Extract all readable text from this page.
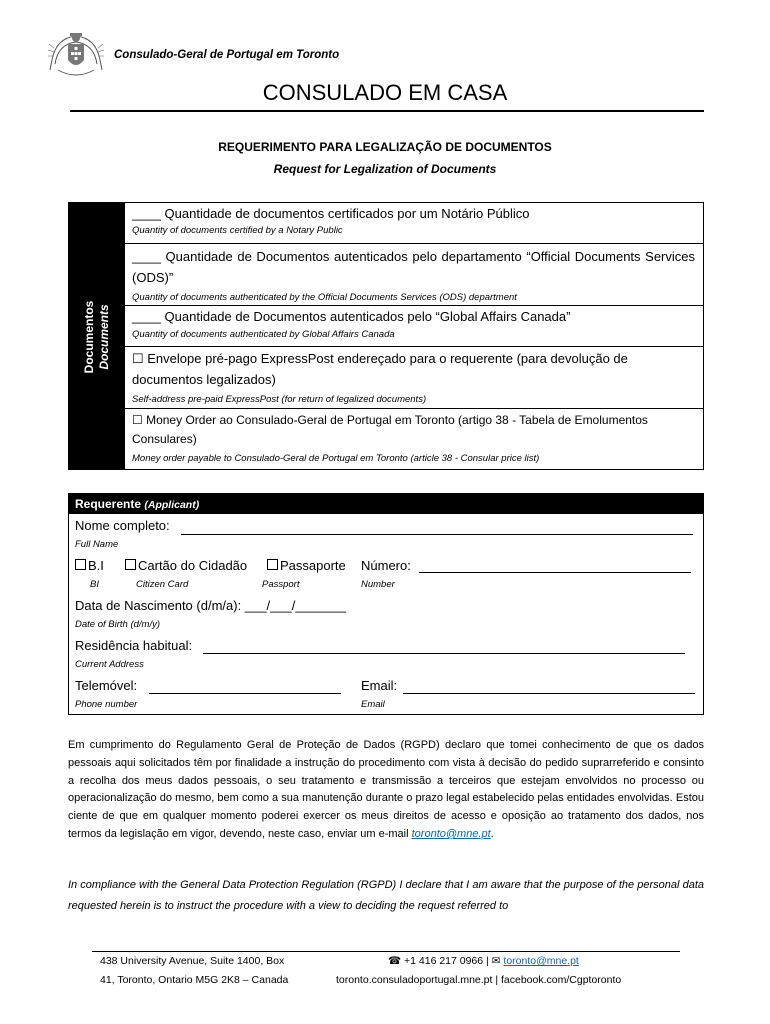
Consulado-Geral de Portugal em Toronto
CONSULADO EM CASA
REQUERIMENTO PARA LEGALIZAÇÃO DE DOCUMENTOS
Request for Legalization of Documents
Documentos Documents
____ Quantidade de documentos certificados por um Notário Público
Quantity of documents certified by a Notary Public
____ Quantidade de Documentos autenticados pelo departamento “Official Documents Services (ODS)”
Quantity of documents authenticated by the Official Documents Services (ODS) department
____ Quantidade de Documentos autenticados pelo “Global Affairs Canada”
Quantity of documents authenticated by Global Affairs Canada
☐ Envelope pré-pago ExpressPost endereçado para o requerente (para devolução de documentos legalizados)
Self-address pre-paid ExpressPost (for return of legalized documents)
☐ Money Order ao Consulado-Geral de Portugal em Toronto (artigo 38 - Tabela de Emolumentos Consulares)
Money order payable to Consulado-Geral de Portugal em Toronto (article 38 - Consular price list)
Requerente (Applicant)
Nome completo:
Full Name
B.I	Cartão do Cidadão	Passaporte Número:
BI	Citizen Card	Passport	Number
Data de Nascimento (d/m/a): ___/___/_______
Date of Birth (d/m/y)
Residência habitual:
Current Address
Telemóvel:
Phone number
Email:
Email
Em cumprimento do Regulamento Geral de Proteção de Dados (RGPD) declaro que tomei conhecimento de que os dados pessoais aqui solicitados têm por finalidade a instrução do procedimento com vista à decisão do pedido suprarreferido e consinto a recolha dos meus dados pessoais, o seu tratamento e transmissão a terceiros que estejam envolvidos no processo ou operacionalização do mesmo, bem como a sua manutenção durante o prazo legal estabelecido pelas entidades envolvidas. Estou ciente de que em qualquer momento poderei exercer os meus direitos de acesso e oposição ao tratamento dos dados, nos termos da legislação em vigor, devendo, neste caso, enviar um e-mail toronto@mne.pt.
In compliance with the General Data Protection Regulation (RGPD) I declare that I am aware that the purpose of the personal data requested herein is to instruct the procedure with a view to deciding the request referred to
438 University Avenue, Suite 1400, Box
41, Toronto, Ontario M5G 2K8 – Canada
☎ +1 416 217 0966 | ✉ toronto@mne.pt
toronto.consuladoportugal.mne.pt | facebook.com/Cgptoronto
